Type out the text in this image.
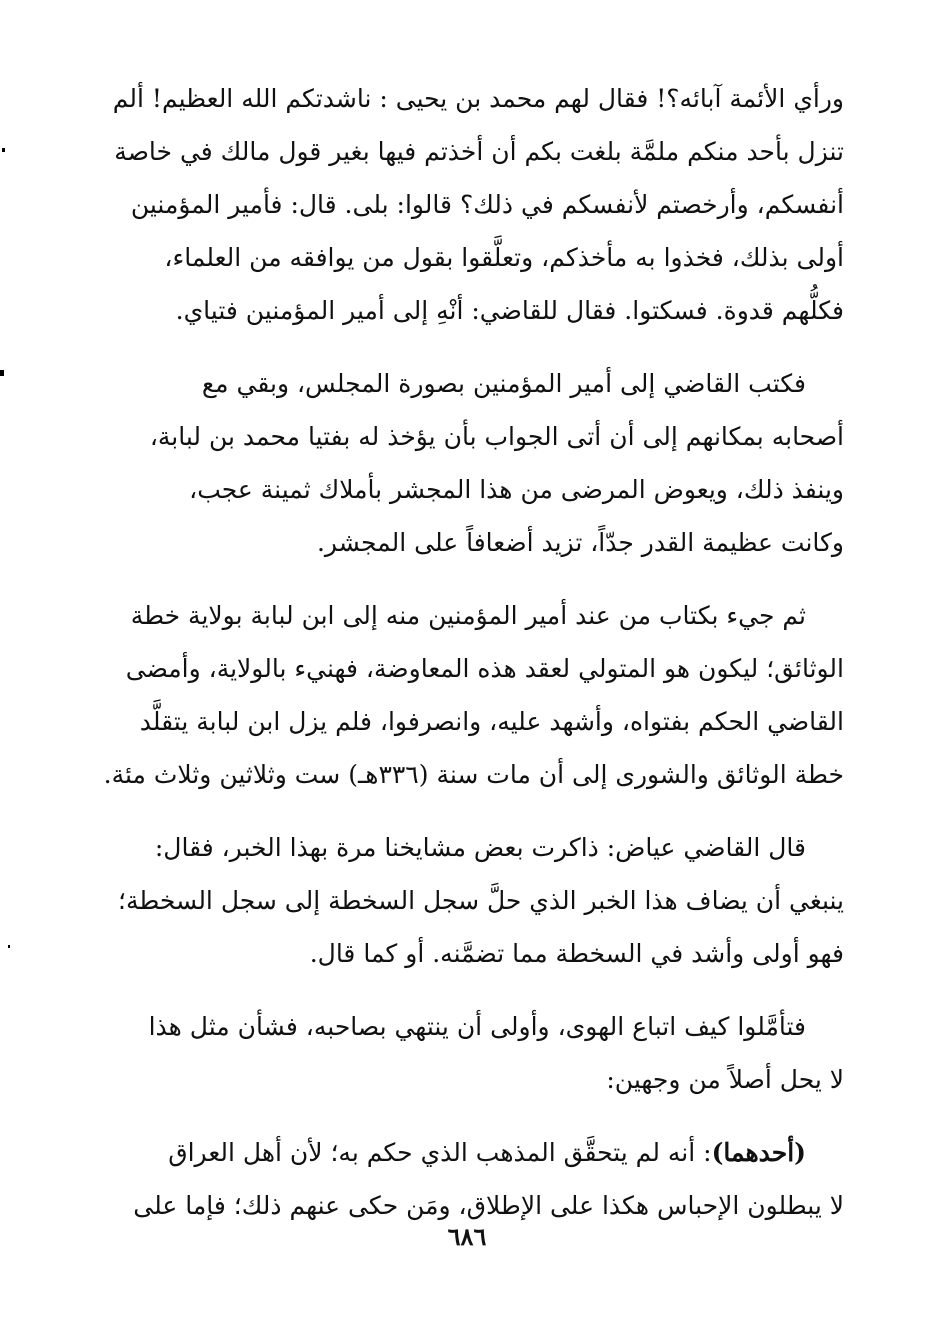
ورأي الأئمة آبائه؟! فقال لهم محمد بن يحيى : ناشدتكم الله العظيم! ألم
تنزل بأحد منكم ملمَّة بلغت بكم أن أخذتم فيها بغير قول مالك في خاصة
أنفسكم، وأرخصتم لأنفسكم في ذلك؟ قالوا: بلى. قال: فأمير المؤمنين
أولى بذلك، فخذوا به مأخذكم، وتعلَّقوا بقول من يوافقه من العلماء،
فكلُّهم قدوة. فسكتوا. فقال للقاضي: أنْهِ إلى أمير المؤمنين فتياي.
فكتب القاضي إلى أمير المؤمنين بصورة المجلس، وبقي مع
أصحابه بمكانهم إلى أن أتى الجواب بأن يؤخذ له بفتيا محمد بن لبابة،
وينفذ ذلك، ويعوض المرضى من هذا المجشر بأملاك ثمينة عجب،
وكانت عظيمة القدر جدّاً، تزيد أضعافاً على المجشر.
ثم جيء بكتاب من عند أمير المؤمنين منه إلى ابن لبابة بولاية خطة
الوثائق؛ ليكون هو المتولي لعقد هذه المعاوضة، فهنيء بالولاية، وأمضى
القاضي الحكم بفتواه، وأشهد عليه، وانصرفوا، فلم يزل ابن لبابة يتقلَّد
خطة الوثائق والشورى إلى أن مات سنة (٣٣٦هـ) ست وثلاثين وثلاث مئة.
قال القاضي عياض: ذاكرت بعض مشايخنا مرة بهذا الخبر، فقال:
ينبغي أن يضاف هذا الخبر الذي حلَّ سجل السخطة إلى سجل السخطة؛
فهو أولى وأشد في السخطة مما تضمَّنه. أو كما قال.
فتأمَّلوا كيف اتباع الهوى، وأولى أن ينتهي بصاحبه، فشأن مثل هذا
لا يحل أصلاً من وجهين:
(أحدهما): أنه لم يتحقَّق المذهب الذي حكم به؛ لأن أهل العراق
لا يبطلون الإحباس هكذا على الإطلاق، ومَن حكى عنهم ذلك؛ فإما على
٦٨٦
